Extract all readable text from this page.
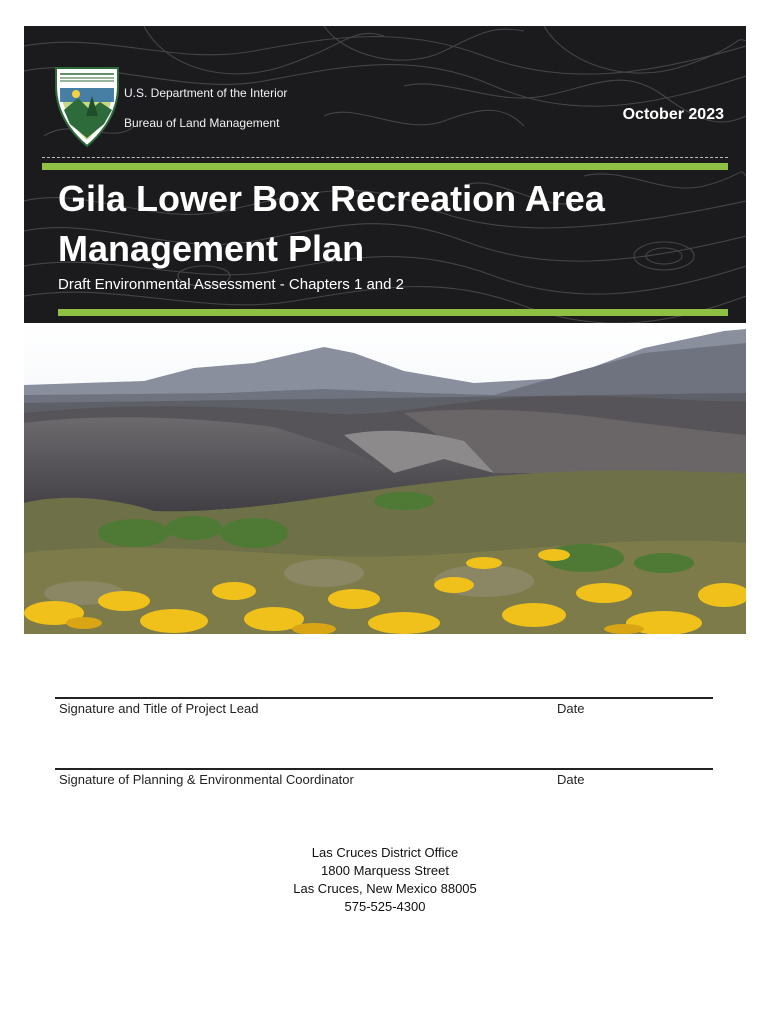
U.S. Department of the Interior
Bureau of Land Management	October 2023
Gila Lower Box Recreation Area Management Plan
Draft Environmental Assessment - Chapters 1 and 2
Signature and Title of Project Lead	Date
Signature of Planning & Environmental Coordinator	Date
Las Cruces District Office
1800 Marquess Street
Las Cruces, New Mexico 88005
575-525-4300
